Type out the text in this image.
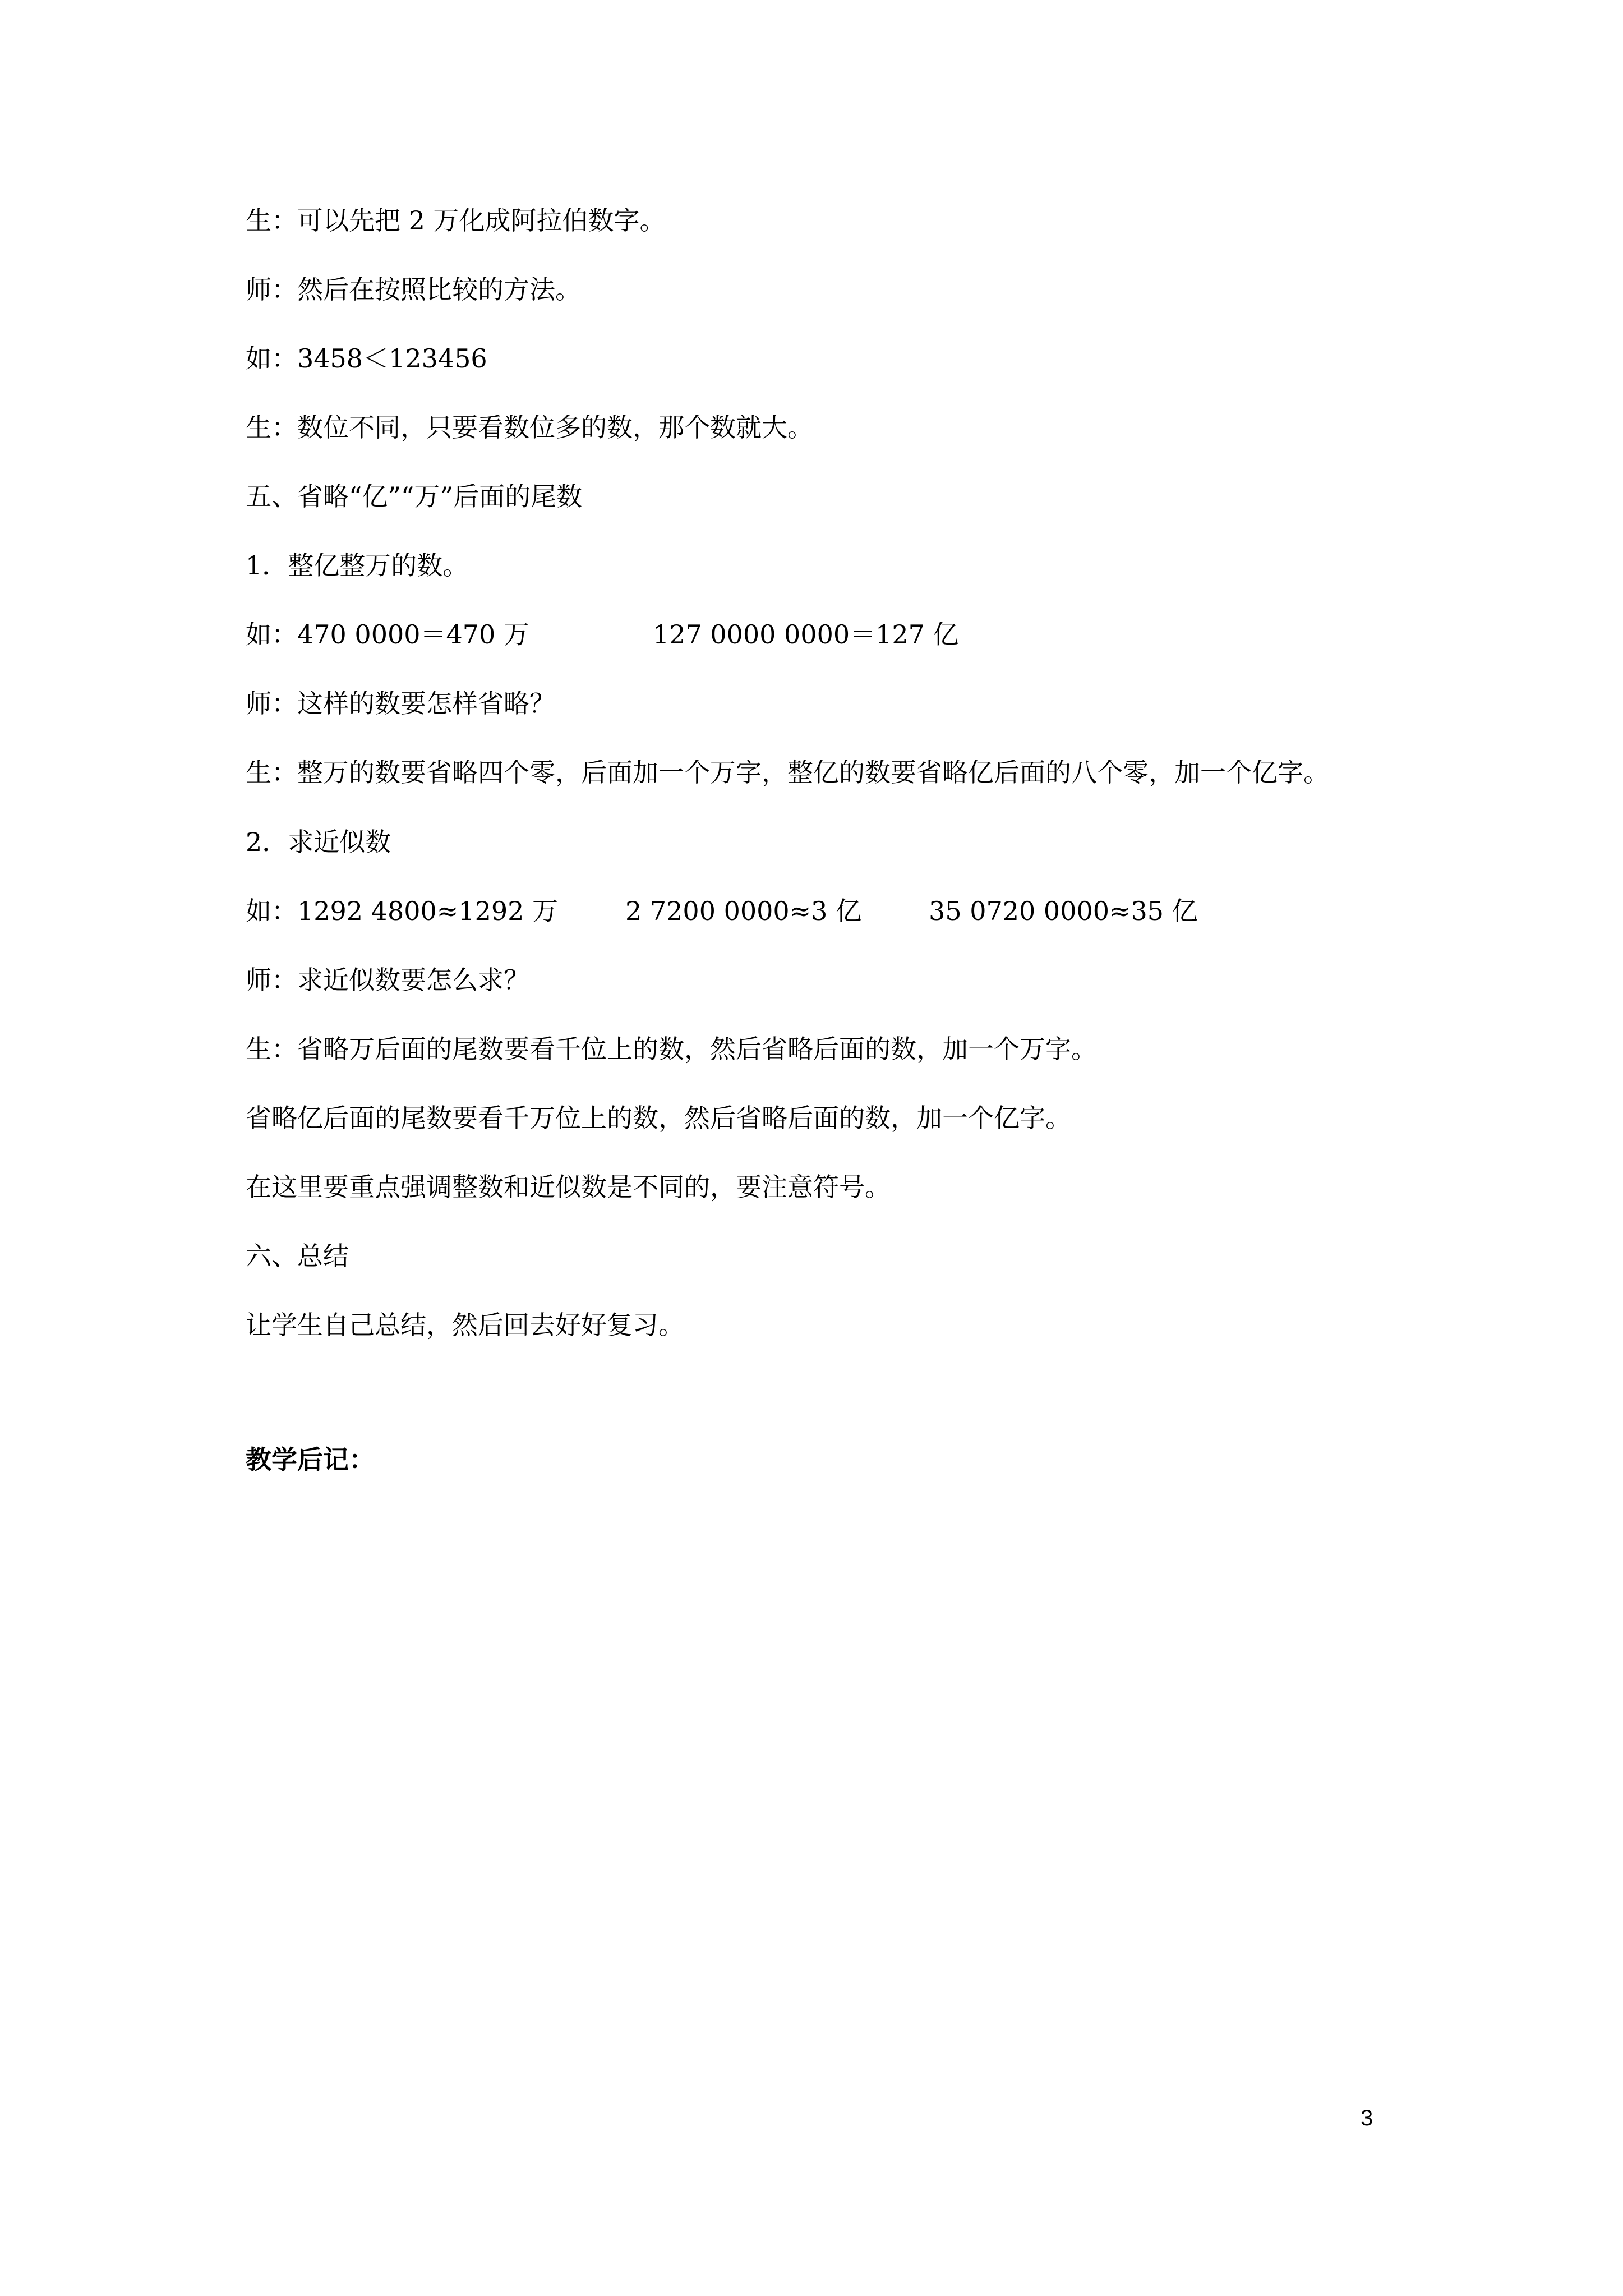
生：可以先把 2 万化成阿拉伯数字。

师：然后在按照比较的方法。

如：3458＜123456

生：数位不同，只要看数位多的数，那个数就大。

五、省略“亿”“万”后面的尾数

1．整亿整万的数。

如： 470 0000＝470 万	127 0000 0000＝127 亿

师：这样的数要怎样省略？

生：整万的数要省略四个零，后面加一个万字，整亿的数要省略亿后面的八个零，加一个亿字。

2．求近似数

如： 1292 4800≈1292 万	2 7200 0000≈3 亿	35 0720 0000≈35 亿

师：求近似数要怎么求？

生：省略万后面的尾数要看千位上的数，然后省略后面的数，加一个万字。

省略亿后面的尾数要看千万位上的数，然后省略后面的数，加一个亿字。

在这里要重点强调整数和近似数是不同的，要注意符号。

六、总结

让学生自己总结，然后回去好好复习。

教学后记：

3
